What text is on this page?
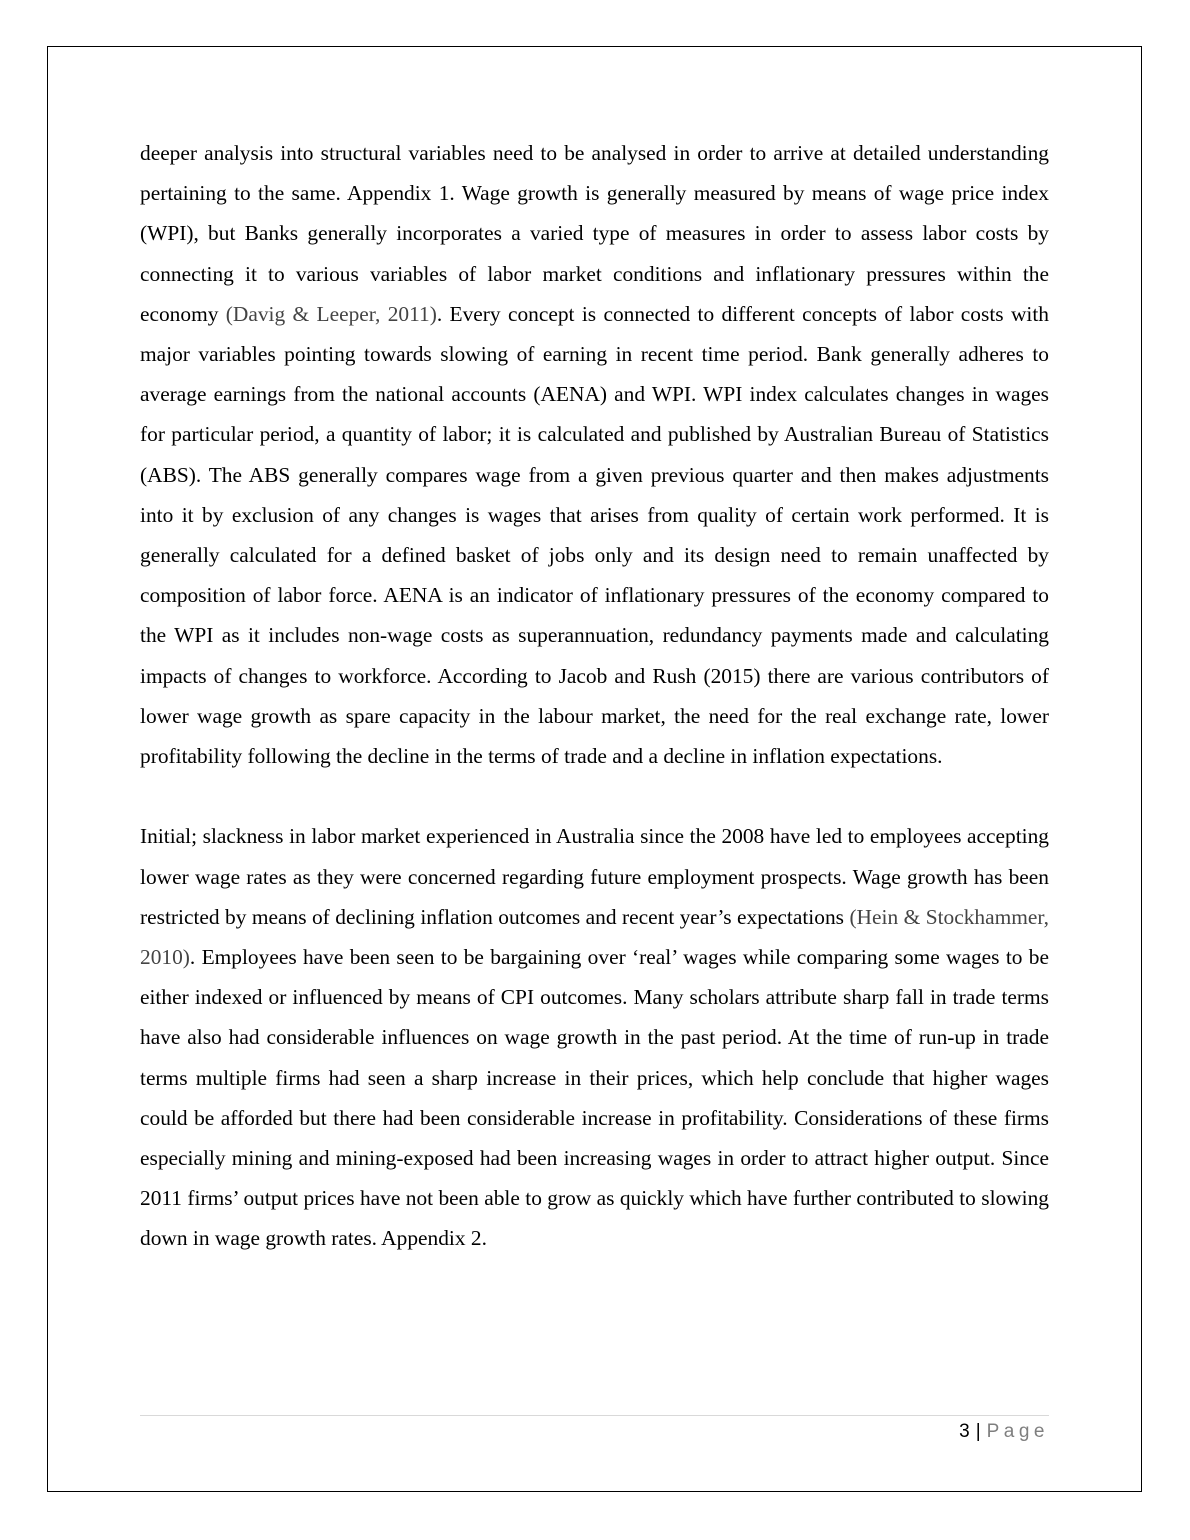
deeper analysis into structural variables need to be analysed in order to arrive at detailed understanding pertaining to the same. Appendix 1. Wage growth is generally measured by means of wage price index (WPI), but Banks generally incorporates a varied type of measures in order to assess labor costs by connecting it to various variables of labor market conditions and inflationary pressures within the economy (Davig & Leeper, 2011). Every concept is connected to different concepts of labor costs with major variables pointing towards slowing of earning in recent time period. Bank generally adheres to average earnings from the national accounts (AENA) and WPI. WPI index calculates changes in wages for particular period, a quantity of labor; it is calculated and published by Australian Bureau of Statistics (ABS). The ABS generally compares wage from a given previous quarter and then makes adjustments into it by exclusion of any changes is wages that arises from quality of certain work performed. It is generally calculated for a defined basket of jobs only and its design need to remain unaffected by composition of labor force. AENA is an indicator of inflationary pressures of the economy compared to the WPI as it includes non-wage costs as superannuation, redundancy payments made and calculating impacts of changes to workforce. According to Jacob and Rush (2015) there are various contributors of lower wage growth as spare capacity in the labour market, the need for the real exchange rate, lower profitability following the decline in the terms of trade and a decline in inflation expectations.

Initial; slackness in labor market experienced in Australia since the 2008 have led to employees accepting lower wage rates as they were concerned regarding future employment prospects. Wage growth has been restricted by means of declining inflation outcomes and recent year’s expectations (Hein & Stockhammer, 2010). Employees have been seen to be bargaining over ‘real’ wages while comparing some wages to be either indexed or influenced by means of CPI outcomes. Many scholars attribute sharp fall in trade terms have also had considerable influences on wage growth in the past period. At the time of run-up in trade terms multiple firms had seen a sharp increase in their prices, which help conclude that higher wages could be afforded but there had been considerable increase in profitability. Considerations of these firms especially mining and mining-exposed had been increasing wages in order to attract higher output. Since 2011 firms’ output prices have not been able to grow as quickly which have further contributed to slowing down in wage growth rates. Appendix 2.

3 | Page
